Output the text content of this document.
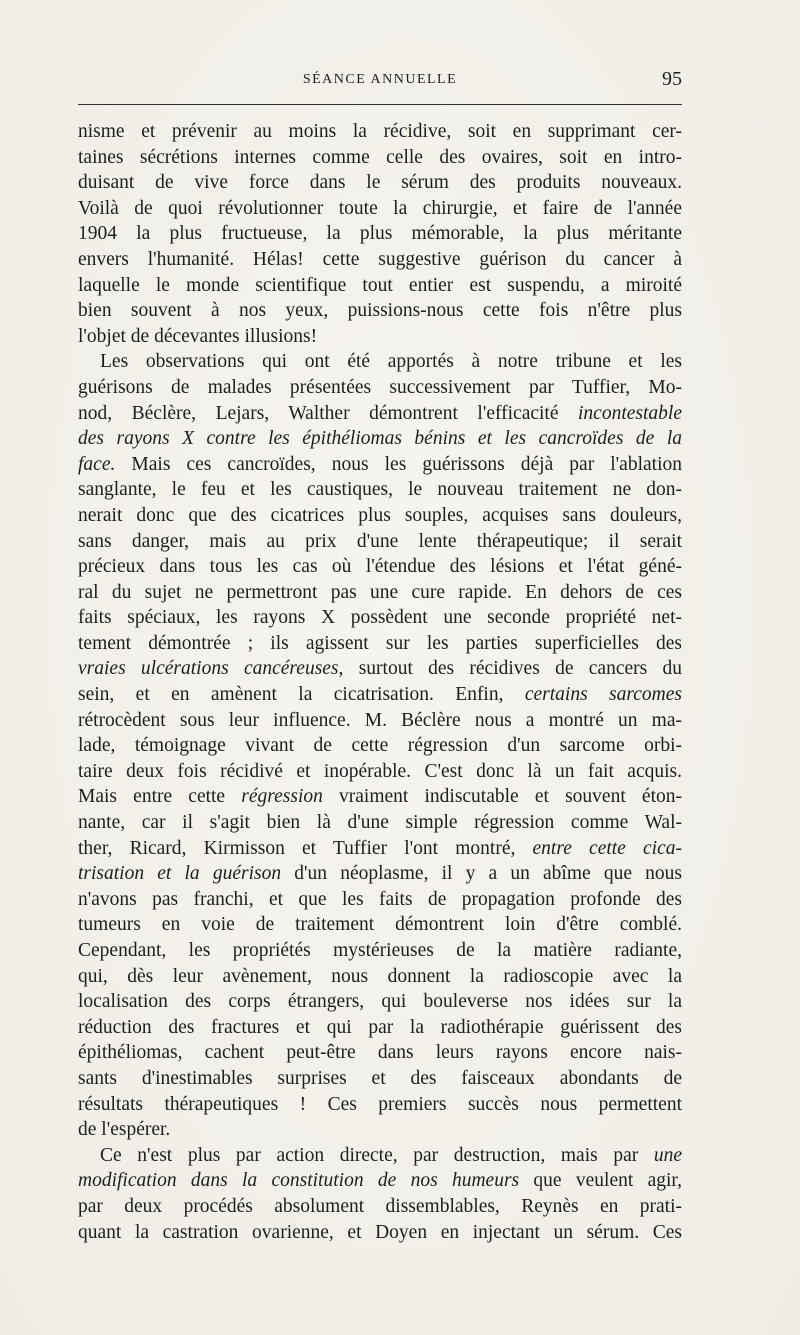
SÉANCE ANNUELLE	95
nisme et prévenir au moins la récidive, soit en supprimant cer-
taines sécrétions internes comme celle des ovaires, soit en intro-
duisant de vive force dans le sérum des produits nouveaux.
Voilà de quoi révolutionner toute la chirurgie, et faire de l'année
1904 la plus fructueuse, la plus mémorable, la plus méritante
envers l'humanité. Hélas! cette suggestive guérison du cancer à
laquelle le monde scientifique tout entier est suspendu, a miroité
bien souvent à nos yeux, puissions-nous cette fois n'être plus
l'objet de décevantes illusions!
Les observations qui ont été apportés à notre tribune et les
guérisons de malades présentées successivement par Tuffier, Mo-
nod, Béclère, Lejars, Walther démontrent l'efficacité incontestable
des rayons X contre les épithéliomas bénins et les cancroïdes de la
face. Mais ces cancroïdes, nous les guérissons déjà par l'ablation
sanglante, le feu et les caustiques, le nouveau traitement ne don-
nerait donc que des cicatrices plus souples, acquises sans douleurs,
sans danger, mais au prix d'une lente thérapeutique; il serait
précieux dans tous les cas où l'étendue des lésions et l'état géné-
ral du sujet ne permettront pas une cure rapide. En dehors de ces
faits spéciaux, les rayons X possèdent une seconde propriété net-
tement démontrée ; ils agissent sur les parties superficielles des
vraies ulcérations cancéreuses, surtout des récidives de cancers du
sein, et en amènent la cicatrisation. Enfin, certains sarcomes
rétrocèdent sous leur influence. M. Béclère nous a montré un ma-
lade, témoignage vivant de cette régression d'un sarcome orbi-
taire deux fois récidivé et inopérable. C'est donc là un fait acquis.
Mais entre cette régression vraiment indiscutable et souvent éton-
nante, car il s'agit bien là d'une simple régression comme Wal-
ther, Ricard, Kirmisson et Tuffier l'ont montré, entre cette cica-
trisation et la guérison d'un néoplasme, il y a un abîme que nous
n'avons pas franchi, et que les faits de propagation profonde des
tumeurs en voie de traitement démontrent loin d'être comblé.
Cependant, les propriétés mystérieuses de la matière radiante,
qui, dès leur avènement, nous donnent la radioscopie avec la
localisation des corps étrangers, qui bouleverse nos idées sur la
réduction des fractures et qui par la radiothérapie guérissent des
épithéliomas, cachent peut-être dans leurs rayons encore nais-
sants d'inestimables surprises et des faisceaux abondants de
résultats thérapeutiques ! Ces premiers succès nous permettent
de l'espérer.
Ce n'est plus par action directe, par destruction, mais par une
modification dans la constitution de nos humeurs que veulent agir,
par deux procédés absolument dissemblables, Reynès en prati-
quant la castration ovarienne, et Doyen en injectant un sérum. Ces
